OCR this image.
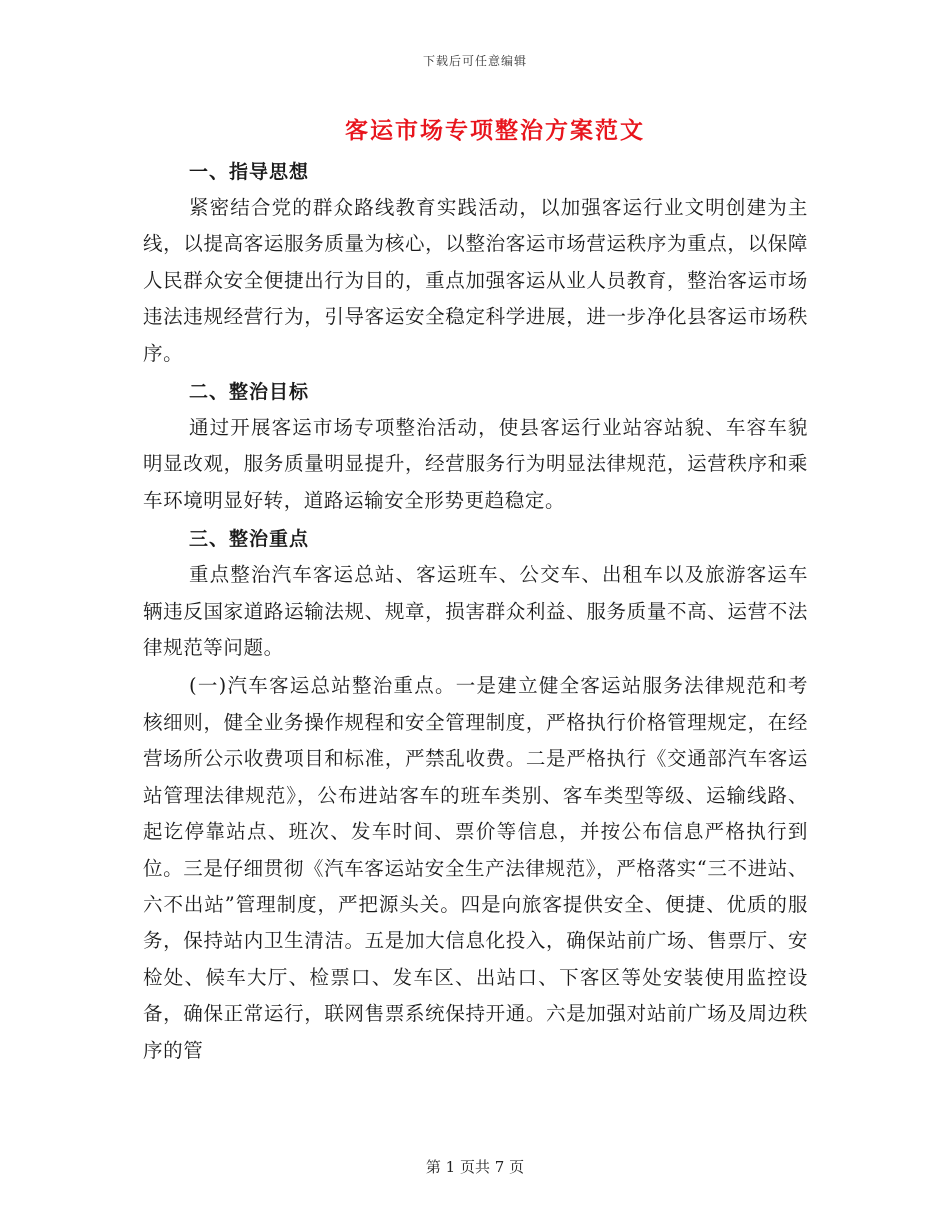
下载后可任意编辑
客运市场专项整治方案范文
一、指导思想

紧密结合党的群众路线教育实践活动，以加强客运行业文明创建为主线，以提高客运服务质量为核心，以整治客运市场营运秩序为重点，以保障人民群众安全便捷出行为目的，重点加强客运从业人员教育，整治客运市场违法违规经营行为，引导客运安全稳定科学进展，进一步净化县客运市场秩序。

二、整治目标

通过开展客运市场专项整治活动，使县客运行业站容站貌、车容车貌明显改观，服务质量明显提升，经营服务行为明显法律规范，运营秩序和乘车环境明显好转，道路运输安全形势更趋稳定。

三、整治重点

重点整治汽车客运总站、客运班车、公交车、出租车以及旅游客运车辆违反国家道路运输法规、规章，损害群众利益、服务质量不高、运营不法律规范等问题。

(一)汽车客运总站整治重点。一是建立健全客运站服务法律规范和考核细则，健全业务操作规程和安全管理制度，严格执行价格管理规定，在经营场所公示收费项目和标准，严禁乱收费。二是严格执行《交通部汽车客运站管理法律规范》，公布进站客车的班车类别、客车类型等级、运输线路、起讫停靠站点、班次、发车时间、票价等信息，并按公布信息严格执行到位。三是仔细贯彻《汽车客运站安全生产法律规范》，严格落实“三不进站、六不出站”管理制度，严把源头关。四是向旅客提供安全、便捷、优质的服务，保持站内卫生清洁。五是加大信息化投入，确保站前广场、售票厅、安检处、候车大厅、检票口、发车区、出站口、下客区等处安装使用监控设备，确保正常运行，联网售票系统保持开通。六是加强对站前广场及周边秩序的管

第 1 页共 7 页
